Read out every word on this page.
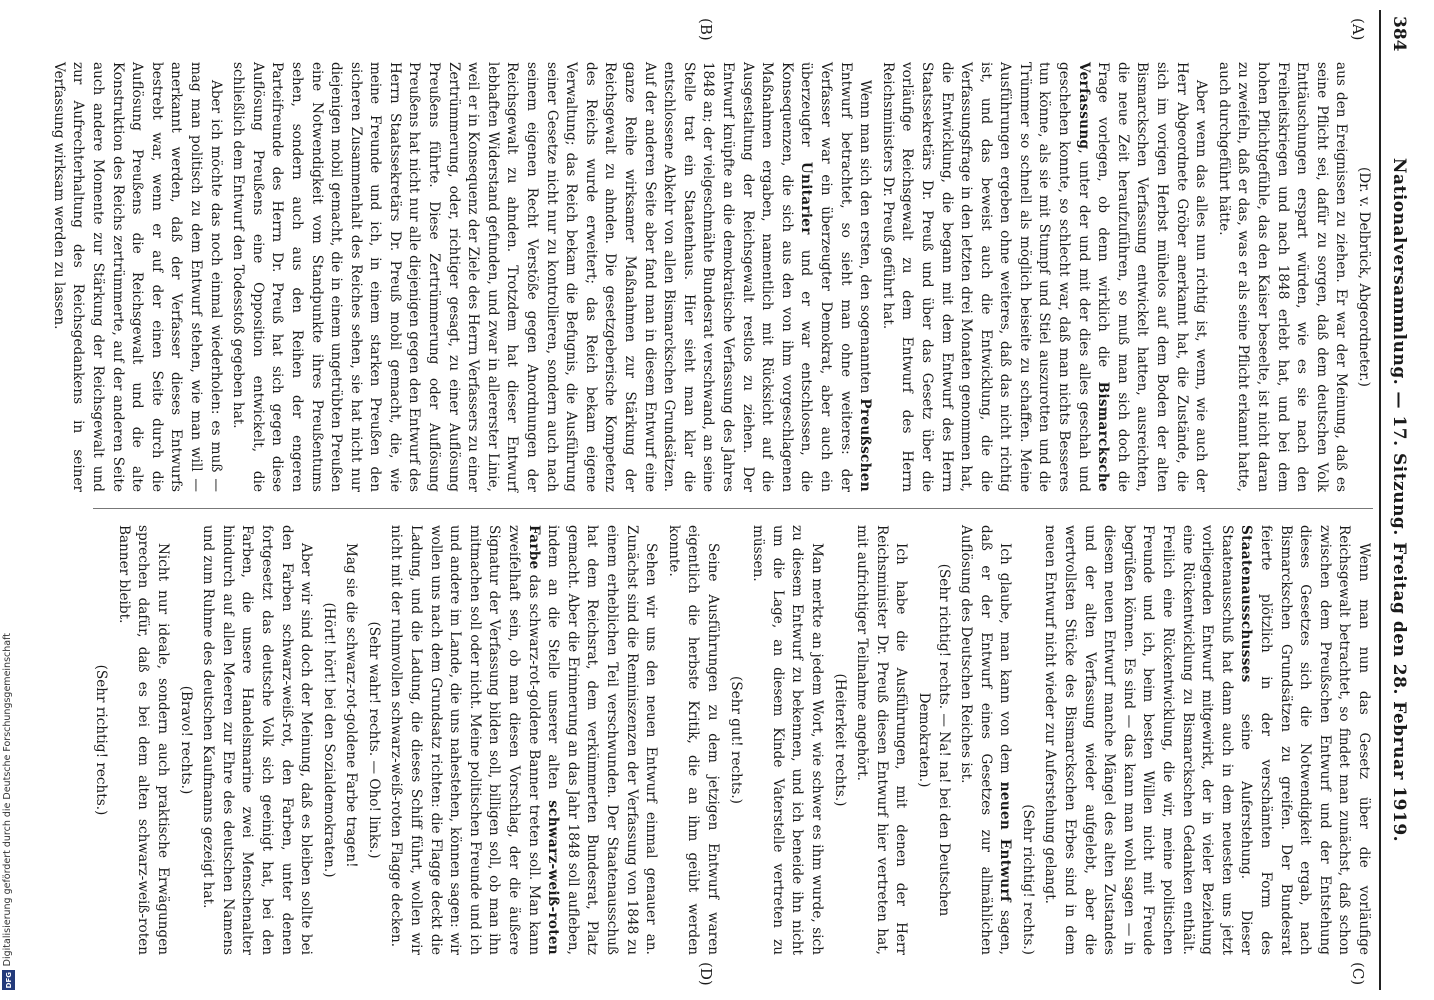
384
Nationalversammlung. — 17. Sitzung. Freitag den 28. Februar 1919.
(A)
(B)
(C)
(D)

(Dr. v. Delbrück, Abgeordneter.)

aus den Ereignissen zu ziehen. Er war der Meinung, daß es seine Pflicht sei, dafür zu sorgen, daß dem deutschen Volk Enttäuschungen erspart würden, wie es sie nach den Freiheitskriegen und nach 1848 erlebt hat, und bei dem hohen Pflichtgefühle, das den Kaiser beseelte, ist nicht daran zu zweifeln, daß er das, was er als seine Pflicht erkannt hatte, auch durchgeführt hätte.

Aber wenn das alles nun richtig ist, wenn, wie auch der Herr Abgeordnete Gröber anerkannt hat, die Zustände, die sich im vorigen Herbst mühelos auf dem Boden der alten Bismarckschen Verfassung entwickelt hatten, ausreichten, die neue Zeit heraufzuführen, so muß man sich doch die Frage vorlegen, ob denn wirklich die Bismarcksche Verfassung, unter der und mit der dies alles geschah und geschehen konnte, so schlecht war, daß man nichts Besseres tun könne, als sie mit Stumpf und Stiel auszurotten und die Trümmer so schnell als möglich beiseite zu schaffen. Meine Ausführungen ergeben ohne weiteres, daß das nicht richtig ist, und das beweist auch die Entwicklung, die die Verfassungsfrage in den letzten drei Monaten genommen hat, die Entwicklung, die begann mit dem Entwurf des Herrn Staatssekretärs Dr. Preuß und über das Gesetz über die vorläufige Reichsgewalt zu dem Entwurf des Herrn Reichsministers Dr. Preuß geführt hat.

Wenn man sich den ersten, den sogenannten Preußschen Entwurf betrachtet, so sieht man ohne weiteres: der Verfasser war ein überzeugter Demokrat, aber auch ein überzeugter Unitarier und er war entschlossen, die Konsequenzen, die sich aus den von ihm vorgeschlagenen Maßnahmen ergaben, namentlich mit Rücksicht auf die Ausgestaltung der Reichsgewalt restlos zu ziehen. Der Entwurf knüpfte an die demokratische Verfassung des Jahres 1848 an; der vielgeschmähte Bundesrat verschwand, an seine Stelle trat ein Staatenhaus. Hier sieht man klar die entschlossene Abkehr von allen Bismarckschen Grundsätzen. Auf der anderen Seite aber fand man in diesem Entwurf eine ganze Reihe wirksamer Maßnahmen zur Stärkung der Reichsgewalt zu ahnden. Die gesetzgeberische Kompetenz des Reichs wurde erweitert; das Reich bekam eigene Verwaltung; das Reich bekam die Befugnis, die Ausführung seiner Gesetze nicht nur zu kontrollieren, sondern auch nach seinem eigenen Recht Verstöße gegen Anordnungen der Reichsgewalt zu ahnden. Trotzdem hat dieser Entwurf lebhaften Widerstand gefunden, und zwar in allererster Linie, weil er in Konsequenz der Ziele des Herrn Verfassers zu einer Zertrümmerung, oder, richtiger gesagt, zu einer Auflösung Preußens führte. Diese Zertrümmerung oder Auflösung Preußens hat nicht nur alle diejenigen gegen den Entwurf des Herrn Staatssekretärs Dr. Preuß mobil gemacht, die, wie meine Freunde und ich, in einem starken Preußen den sicheren Zusammenhalt des Reiches sehen, sie hat nicht nur diejenigen mobil gemacht, die in einem ungetrübten Preußen eine Notwendigkeit vom Standpunkte ihres Preußentums sehen, sondern auch aus den Reihen der engeren Parteifreunde des Herrn Dr. Preuß hat sich gegen diese Auflösung Preußens eine Opposition entwickelt, die schließlich dem Entwurf den Todesstoß gegeben hat.

Aber ich möchte das noch einmal wiederholen: es muß — mag man politisch zu dem Entwurf stehen, wie man will — anerkannt werden, daß der Verfasser dieses Entwurfs bestrebt war, wenn er auf der einen Seite durch die Auflösung Preußens die Reichsgewalt und die alte Konstruktion des Reichs zertrümmerte, auf der anderen Seite auch andere Momente zur Stärkung der Reichsgewalt und zur Aufrechterhaltung des Reichsgedankens in seiner Verfassung wirksam werden zu lassen.

Wenn man nun das Gesetz über die vorläufige Reichsgewalt betrachtet, so findet man zunächst, daß schon zwischen dem Preußschen Entwurf und der Entstehung dieses Gesetzes sich die Notwendigkeit ergab, nach Bismarckschen Grundsätzen zu greifen. Der Bundesrat feierte plötzlich in der verschämten Form des Staatenausschusses seine Auferstehung. Dieser Staatenausschuß hat dann auch in dem neuesten uns jetzt vorliegenden Entwurf mitgewirkt, der in vieler Beziehung eine Rückentwicklung zu Bismarckschen Gedanken enthält. Freilich eine Rückentwicklung, die wir, meine politischen Freunde und ich, beim besten Willen nicht mit Freude begrüßen können. Es sind — das kann man wohl sagen — in diesem neuen Entwurf manche Mängel des alten Zustandes und der alten Verfassung wieder aufgelebt, aber die wertvollsten Stücke des Bismarckschen Erbes sind in dem neuen Entwurf nicht wieder zur Auferstehung gelangt.

(Sehr richtig! rechts.)

Ich glaube, man kann von dem neuen Entwurf sagen, daß er der Entwurf eines Gesetzes zur allmählichen Auflösung des Deutschen Reiches ist.

(Sehr richtig! rechts. — Na! na! bei den Deutschen Demokraten.)

Ich habe die Ausführungen, mit denen der Herr Reichsminister Dr. Preuß diesen Entwurf hier vertreten hat, mit aufrichtiger Teilnahme angehört.

(Heiterkeit rechts.)

Man merkte an jedem Wort, wie schwer es ihm wurde, sich zu diesem Entwurf zu bekennen, und ich beneide ihn nicht um die Lage, an diesem Kinde Vaterstelle vertreten zu müssen.

(Sehr gut! rechts.)

Seine Ausführungen zu dem jetzigen Entwurf waren eigentlich die herbste Kritik, die an ihm geübt werden konnte.

Sehen wir uns den neuen Entwurf einmal genauer an. Zunächst sind die Reminiszenzen der Verfassung von 1848 zu einem erheblichen Teil verschwunden. Der Staatenausschuß hat dem Reichsrat, dem verkümmerten Bundesrat, Platz gemacht. Aber die Erinnerung an das Jahr 1848 soll aufleben, indem an die Stelle unserer alten schwarz-weiß-roten Farbe das schwarz-rot-goldene Banner treten soll. Man kann zweifelhaft sein, ob man diesen Vorschlag, der die äußere Signatur der Verfassung bilden soll, billigen soll, ob man ihn mitmachen soll oder nicht. Meine politischen Freunde und ich und andere im Lande, die uns nahestehen, können sagen: wir wollen uns nach dem Grundsatz richten: die Flagge deckt die Ladung, und die Ladung, die dieses Schiff führt, wollen wir nicht mit der ruhmvollen schwarz-weiß-roten Flagge decken.

(Sehr wahr! rechts. — Oho! links.)

Mag sie die schwarz-rot-goldene Farbe tragen!

(Hört! hört! bei den Sozialdemokraten.)

Aber wir sind doch der Meinung, daß es bleiben sollte bei den Farben schwarz-weiß-rot, den Farben, unter denen fortgesetzt das deutsche Volk sich geeinigt hat, bei den Farben, die unsere Handelsmarine zwei Menschenalter hindurch auf allen Meeren zur Ehre des deutschen Namens und zum Ruhme des deutschen Kaufmanns gezeigt hat.

(Bravo! rechts.)

Nicht nur ideale, sondern auch praktische Erwägungen sprechen dafür, daß es bei dem alten schwarz-weiß-roten Banner bleibt.

(Sehr richtig! rechts.)

Digitalisierung gefördert durch die Deutsche Forschungsgemeinschaft
DFG
